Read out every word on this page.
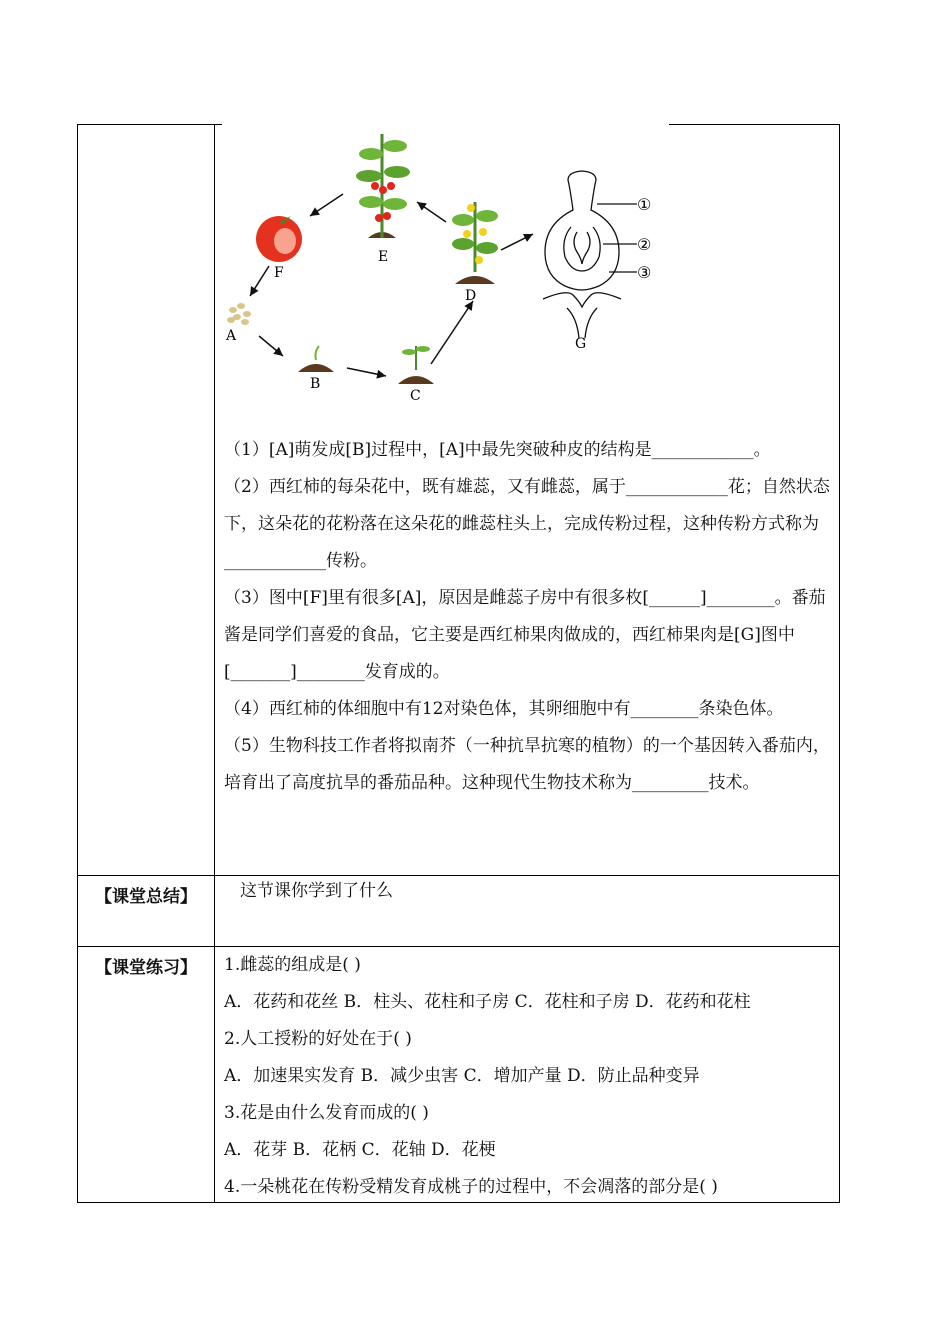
E
F
A
B
C
D
①
②
③
G
（1）[A]萌发成[B]过程中，[A]中最先突破种皮的结构是____________。
（2）西红柿的每朵花中，既有雄蕊，又有雌蕊，属于____________花；自然状态下，这朵花的花粉落在这朵花的雌蕊柱头上，完成传粉过程，这种传粉方式称为____________传粉。
（3）图中[F]里有很多[A]，原因是雌蕊子房中有很多枚[______]________。番茄酱是同学们喜爱的食品，它主要是西红柿果肉做成的，西红柿果肉是[G]图中[_______]________发育成的。
（4）西红柿的体细胞中有12对染色体，其卵细胞中有________条染色体。
（5）生物科技工作者将拟南芥（一种抗旱抗寒的植物）的一个基因转入番茄内，培育出了高度抗旱的番茄品种。这种现代生物技术称为_________技术。
【课堂总结】	这节课你学到了什么
【课堂练习】	1.雌蕊的组成是( )
A．花药和花丝 B．柱头、花柱和子房 C．花柱和子房 D．花药和花柱
2.人工授粉的好处在于( )
A．加速果实发育 B．减少虫害 C．增加产量 D．防止品种变异
3.花是由什么发育而成的( )
A．花芽 B．花柄 C．花轴 D．花梗
4.一朵桃花在传粉受精发育成桃子的过程中，不会凋落的部分是( )
